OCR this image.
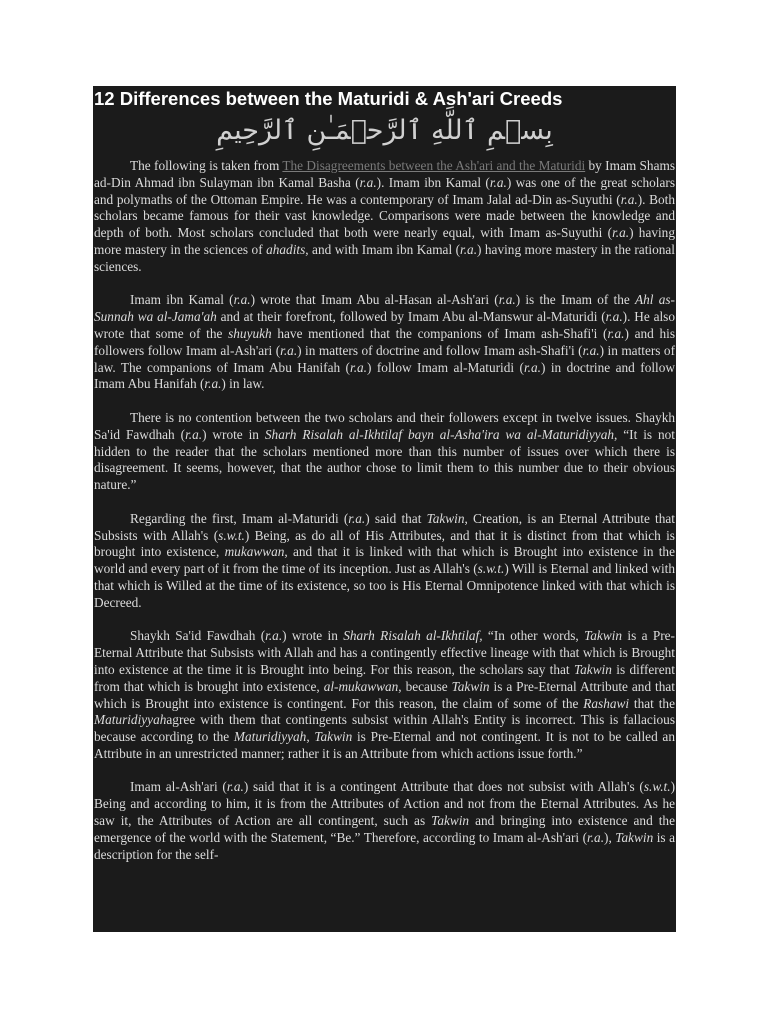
12 Differences between the Maturidi & Ash'ari Creeds
بِسۡمِ ٱللَّهِ ٱلرَّحۡمَـٰنِ ٱلرَّحِيمِ

The following is taken from The Disagreements between the Ash'ari and the Maturidi by Imam Shams ad-Din Ahmad ibn Sulayman ibn Kamal Basha (r.a.). Imam ibn Kamal (r.a.) was one of the great scholars and polymaths of the Ottoman Empire. He was a contemporary of Imam Jalal ad-Din as-Suyuthi (r.a.). Both scholars became famous for their vast knowledge. Comparisons were made between the knowledge and depth of both. Most scholars concluded that both were nearly equal, with Imam as-Suyuthi (r.a.) having more mastery in the sciences of ahadits, and with Imam ibn Kamal (r.a.) having more mastery in the rational sciences.

Imam ibn Kamal (r.a.) wrote that Imam Abu al-Hasan al-Ash'ari (r.a.) is the Imam of the Ahl as-Sunnah wa al-Jama'ah and at their forefront, followed by Imam Abu al-Manswur al-Maturidi (r.a.). He also wrote that some of the shuyukh have mentioned that the companions of Imam ash-Shafi'i (r.a.) and his followers follow Imam al-Ash'ari (r.a.) in matters of doctrine and follow Imam ash-Shafi'i (r.a.) in matters of law. The companions of Imam Abu Hanifah (r.a.) follow Imam al-Maturidi (r.a.) in doctrine and follow Imam Abu Hanifah (r.a.) in law.

There is no contention between the two scholars and their followers except in twelve issues. Shaykh Sa'id Fawdhah (r.a.) wrote in Sharh Risalah al-Ikhtilaf bayn al-Asha'ira wa al-Maturidiyyah, “It is not hidden to the reader that the scholars mentioned more than this number of issues over which there is disagreement. It seems, however, that the author chose to limit them to this number due to their obvious nature.”

Regarding the first, Imam al-Maturidi (r.a.) said that Takwin, Creation, is an Eternal Attribute that Subsists with Allah's (s.w.t.) Being, as do all of His Attributes, and that it is distinct from that which is brought into existence, mukawwan, and that it is linked with that which is Brought into existence in the world and every part of it from the time of its inception. Just as Allah's (s.w.t.) Will is Eternal and linked with that which is Willed at the time of its existence, so too is His Eternal Omnipotence linked with that which is Decreed.

Shaykh Sa'id Fawdhah (r.a.) wrote in Sharh Risalah al-Ikhtilaf, “In other words, Takwin is a Pre-Eternal Attribute that Subsists with Allah and has a contingently effective lineage with that which is Brought into existence at the time it is Brought into being. For this reason, the scholars say that Takwin is different from that which is brought into existence, al-mukawwan, because Takwin is a Pre-Eternal Attribute and that which is Brought into existence is contingent. For this reason, the claim of some of the Rashawi that the Maturidiyyahagree with them that contingents subsist within Allah's Entity is incorrect. This is fallacious because according to the Maturidiyyah, Takwin is Pre-Eternal and not contingent. It is not to be called an Attribute in an unrestricted manner; rather it is an Attribute from which actions issue forth.”

Imam al-Ash'ari (r.a.) said that it is a contingent Attribute that does not subsist with Allah's (s.w.t.) Being and according to him, it is from the Attributes of Action and not from the Eternal Attributes. As he saw it, the Attributes of Action are all contingent, such as Takwin and bringing into existence and the emergence of the world with the Statement, “Be.” Therefore, according to Imam al-Ash'ari (r.a.), Takwin is a description for the self-
